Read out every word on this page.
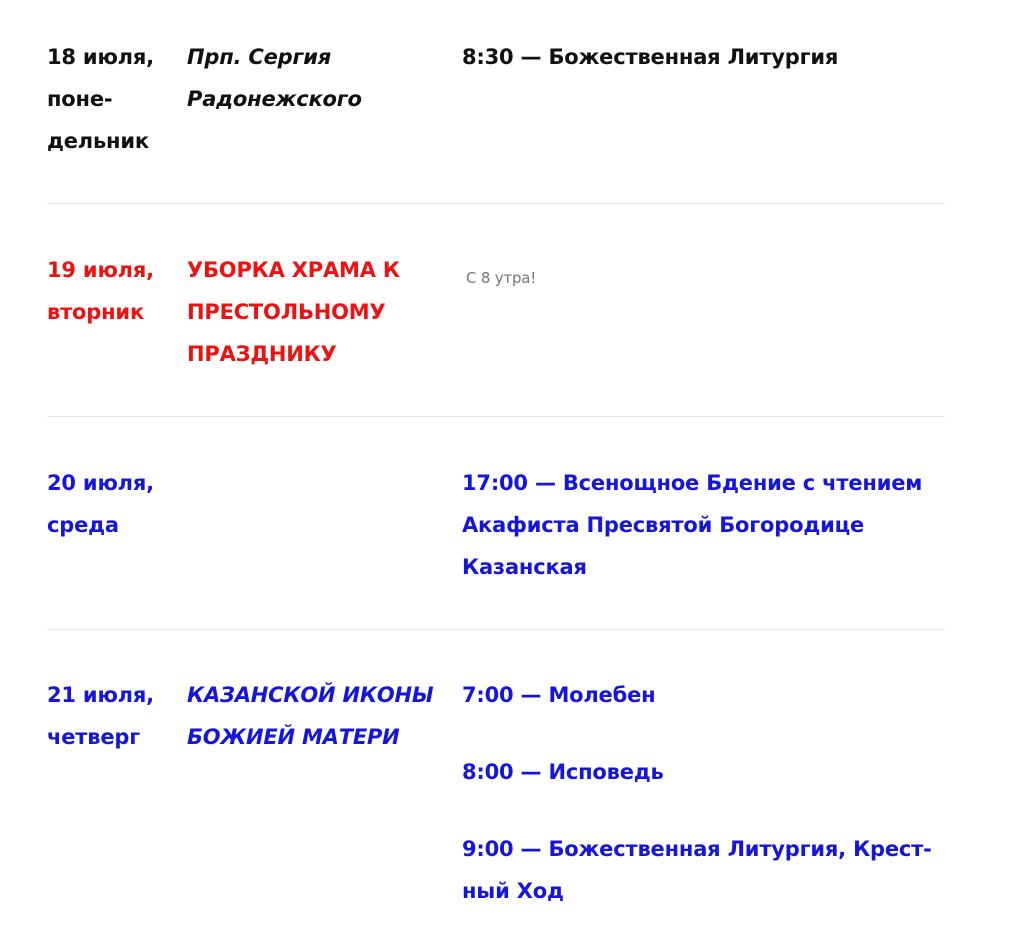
18 июля,
поне-
дельник
Прп. Сергия
Радонежского
8:30 — Божественная Литургия
19 июля,
вторник
УБОРКА ХРАМА К
ПРЕСТОЛЬНОМУ
ПРАЗДНИКУ
С 8 утра!
20 июля,
среда
17:00 — Всенощное Бдение с чтением Акафиста Пресвятой Богородице Казанская
21 июля,
четверг
КАЗАНСКОЙ ИКОНЫ
БОЖИЕЙ МАТЕРИ
7:00 — Молебен
8:00 — Исповедь
9:00 — Божественная Литургия, Крест-ный Ход
